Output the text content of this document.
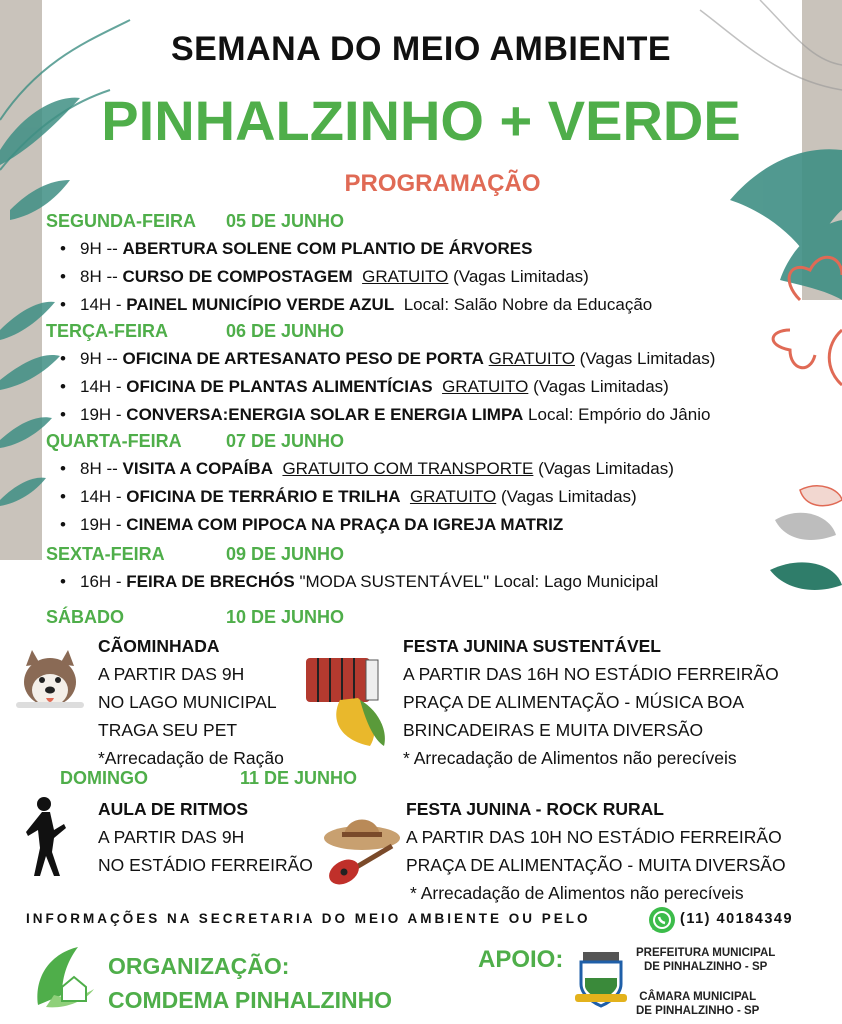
SEMANA DO MEIO AMBIENTE
PINHALZINHO + VERDE
PROGRAMAÇÃO
SEGUNDA-FEIRA 05 DE JUNHO
• 9H -- ABERTURA SOLENE COM PLANTIO DE ÁRVORES
• 8H -- CURSO DE COMPOSTAGEM GRATUITO (Vagas Limitadas)
• 14H - PAINEL MUNICÍPIO VERDE AZUL Local: Salão Nobre da Educação
TERÇA-FEIRA	06 DE JUNHO
• 9H -- OFICINA DE ARTESANATO PESO DE PORTA GRATUITO (Vagas Limitadas)
• 14H - OFICINA DE PLANTAS ALIMENTÍCIAS GRATUITO (Vagas Limitadas)
• 19H - CONVERSA:ENERGIA SOLAR E ENERGIA LIMPA Local: Empório do Jânio
QUARTA-FEIRA 07 DE JUNHO
• 8H -- VISITA A COPAÍBA GRATUITO COM TRANSPORTE (Vagas Limitadas)
• 14H - OFICINA DE TERRÁRIO E TRILHA GRATUITO (Vagas Limitadas)
• 19H - CINEMA COM PIPOCA NA PRAÇA DA IGREJA MATRIZ
SEXTA-FEIRA	09 DE JUNHO
• 16H - FEIRA DE BRECHÓS "MODA SUSTENTÁVEL" Local: Lago Municipal
SÁBADO	10 DE JUNHO
CÃOMINHADA
A PARTIR DAS 9H
NO LAGO MUNICIPAL
TRAGA SEU PET
*Arrecadação de Ração
FESTA JUNINA SUSTENTÁVEL
A PARTIR DAS 16H NO ESTÁDIO FERREIRÃO
PRAÇA DE ALIMENTAÇÃO - MÚSICA BOA
BRINCADEIRAS E MUITA DIVERSÃO
* Arrecadação de Alimentos não perecíveis
DOMINGO	11 DE JUNHO
AULA DE RITMOS
A PARTIR DAS 9H
NO ESTÁDIO FERREIRÃO
FESTA JUNINA - ROCK RURAL
A PARTIR DAS 10H NO ESTÁDIO FERREIRÃO
PRAÇA DE ALIMENTAÇÃO - MUITA DIVERSÃO
* Arrecadação de Alimentos não perecíveis
INFORMAÇÕES NA SECRETARIA DO MEIO AMBIENTE OU PELO	(11) 40184349
ORGANIZAÇÃO:
COMDEMA PINHALZINHO
APOIO:	PREFEITURA MUNICIPAL
DE PINHALZINHO - SP
CÂMARA MUNICIPAL
DE PINHALZINHO - SP
